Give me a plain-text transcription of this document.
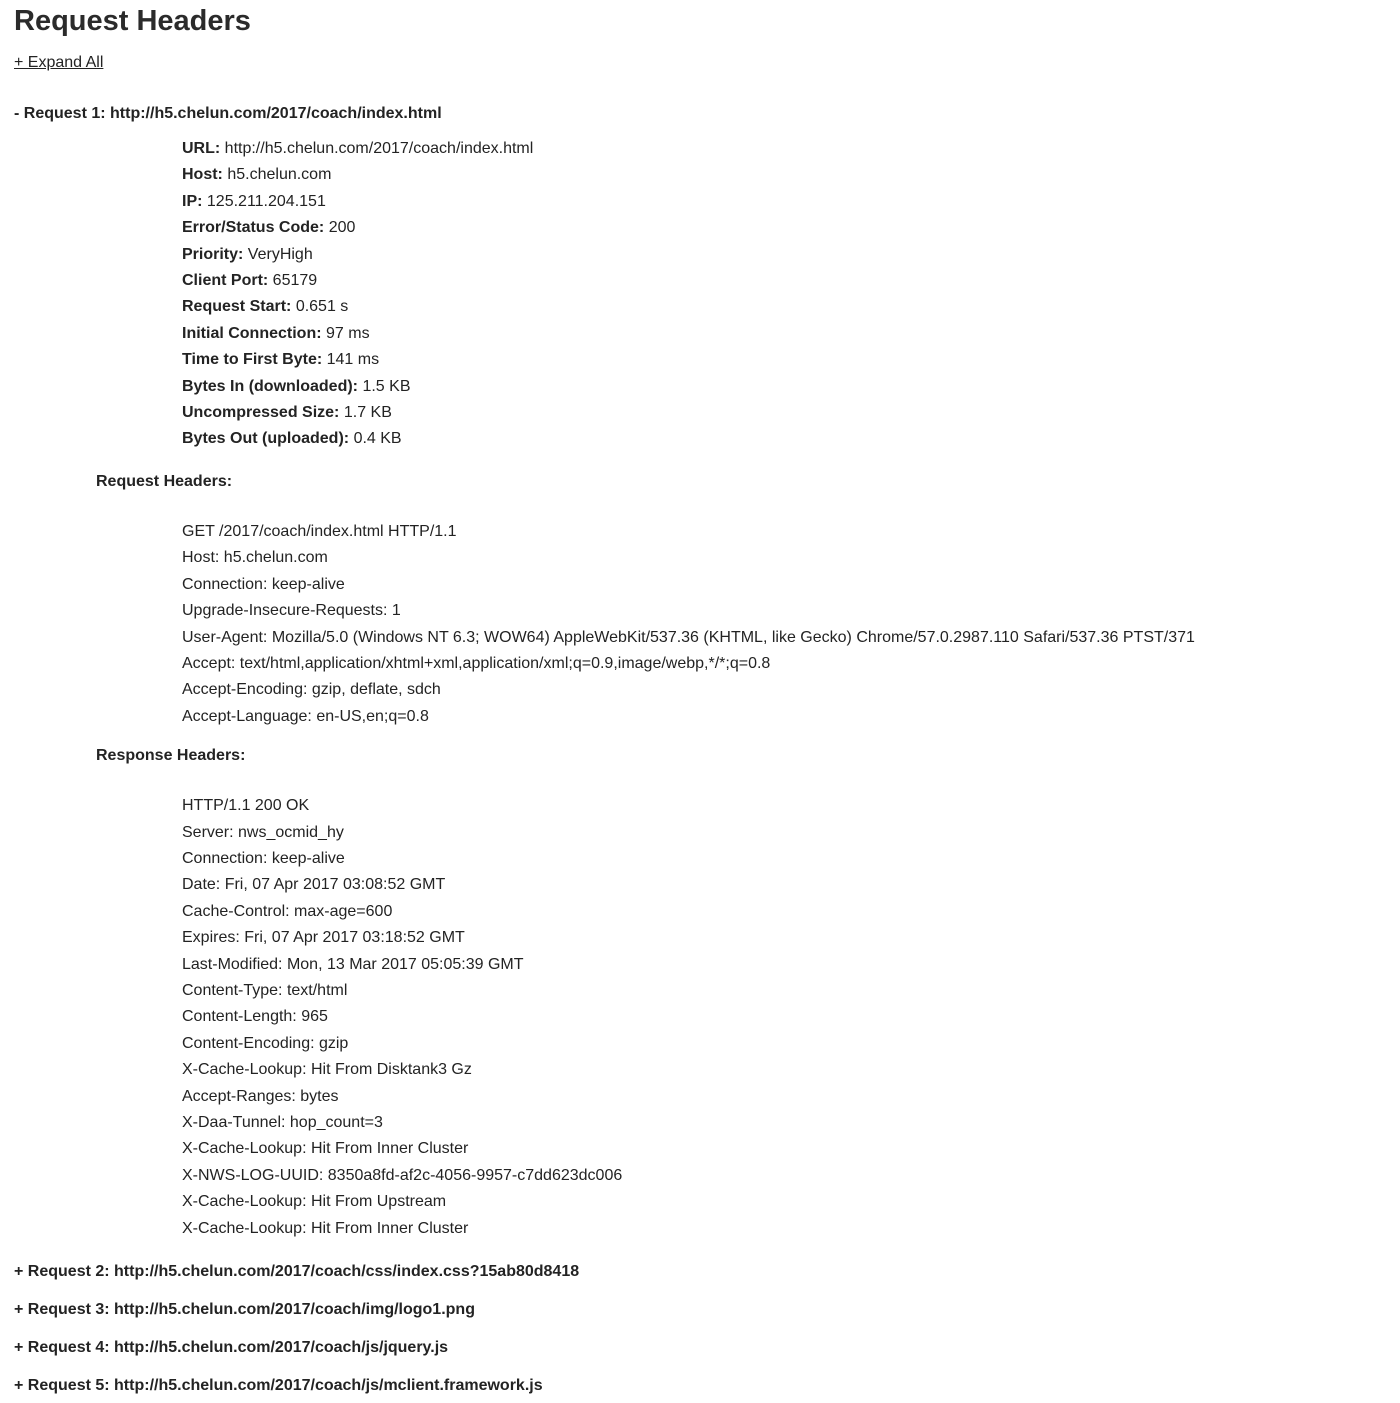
Request Headers
+ Expand All
- Request 1: http://h5.chelun.com/2017/coach/index.html
URL: http://h5.chelun.com/2017/coach/index.html
Host: h5.chelun.com
IP: 125.211.204.151
Error/Status Code: 200
Priority: VeryHigh
Client Port: 65179
Request Start: 0.651 s
Initial Connection: 97 ms
Time to First Byte: 141 ms
Bytes In (downloaded): 1.5 KB
Uncompressed Size: 1.7 KB
Bytes Out (uploaded): 0.4 KB
Request Headers:
GET /2017/coach/index.html HTTP/1.1
Host: h5.chelun.com
Connection: keep-alive
Upgrade-Insecure-Requests: 1
User-Agent: Mozilla/5.0 (Windows NT 6.3; WOW64) AppleWebKit/537.36 (KHTML, like Gecko) Chrome/57.0.2987.110 Safari/537.36 PTST/371
Accept: text/html,application/xhtml+xml,application/xml;q=0.9,image/webp,*/*;q=0.8
Accept-Encoding: gzip, deflate, sdch
Accept-Language: en-US,en;q=0.8
Response Headers:
HTTP/1.1 200 OK
Server: nws_ocmid_hy
Connection: keep-alive
Date: Fri, 07 Apr 2017 03:08:52 GMT
Cache-Control: max-age=600
Expires: Fri, 07 Apr 2017 03:18:52 GMT
Last-Modified: Mon, 13 Mar 2017 05:05:39 GMT
Content-Type: text/html
Content-Length: 965
Content-Encoding: gzip
X-Cache-Lookup: Hit From Disktank3 Gz
Accept-Ranges: bytes
X-Daa-Tunnel: hop_count=3
X-Cache-Lookup: Hit From Inner Cluster
X-NWS-LOG-UUID: 8350a8fd-af2c-4056-9957-c7dd623dc006
X-Cache-Lookup: Hit From Upstream
X-Cache-Lookup: Hit From Inner Cluster
+ Request 2: http://h5.chelun.com/2017/coach/css/index.css?15ab80d8418
+ Request 3: http://h5.chelun.com/2017/coach/img/logo1.png
+ Request 4: http://h5.chelun.com/2017/coach/js/jquery.js
+ Request 5: http://h5.chelun.com/2017/coach/js/mclient.framework.js
